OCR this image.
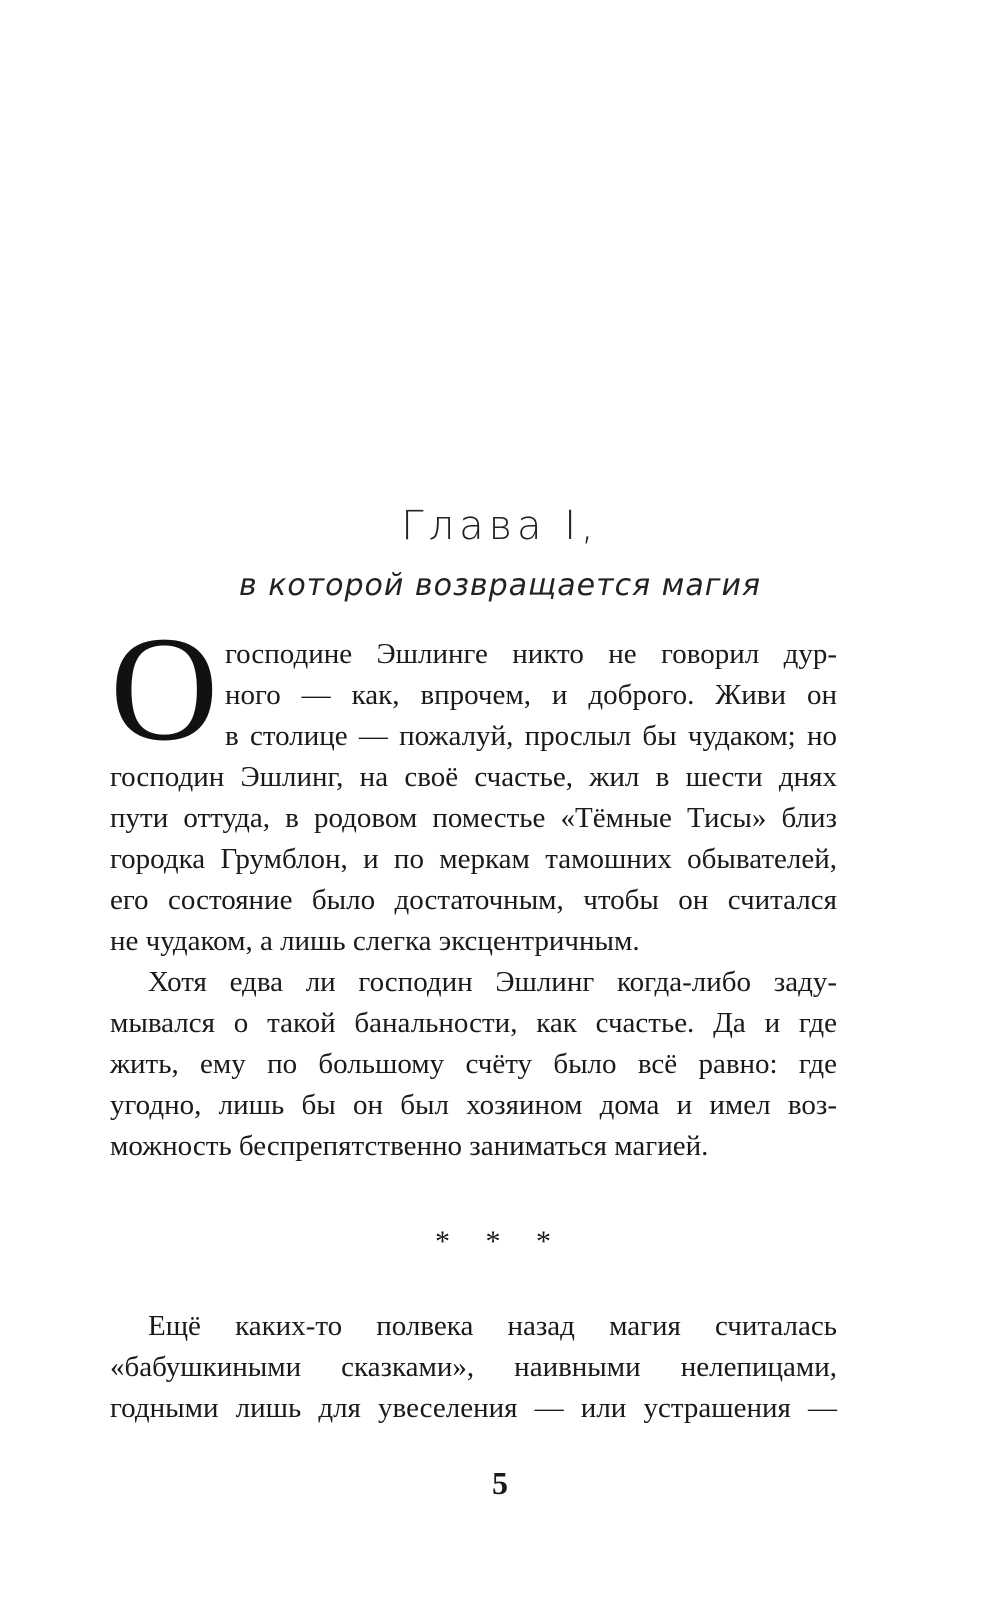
Глава I,
в которой возвращается магия
О господине Эшлинге никто не говорил дур-
ного — как, впрочем, и доброго. Живи он
в столице — пожалуй, прослыл бы чудаком; но
господин Эшлинг, на своё счастье, жил в шести днях
пути оттуда, в родовом поместье «Тёмные Тисы» близ
городка Грумблон, и по меркам тамошних обывателей,
его состояние было достаточным, чтобы он считался
не чудаком, а лишь слегка эксцентричным.
Хотя едва ли господин Эшлинг когда-либо заду-
мывался о такой банальности, как счастье. Да и где
жить, ему по большому счёту было всё равно: где
угодно, лишь бы он был хозяином дома и имел воз-
можность беспрепятственно заниматься магией.
* * *
Ещё каких-то полвека назад магия считалась
«бабушкиными сказками», наивными нелепицами,
годными лишь для увеселения — или устрашения —
5
